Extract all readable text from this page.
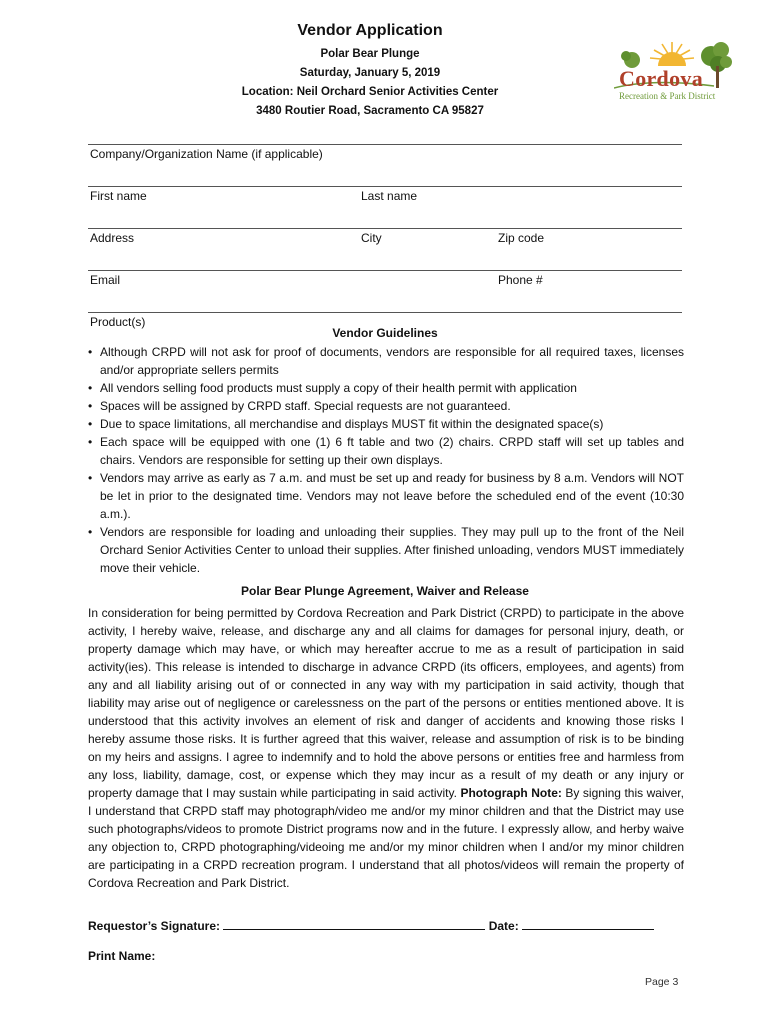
Vendor Application
Polar Bear Plunge
Saturday, January 5, 2019
Location: Neil Orchard Senior Activities Center
3480 Routier Road, Sacramento CA 95827
Cordova
Recreation & Park District
Company/Organization Name (if applicable)
First name	Last name
Address	City	Zip code
Email	Phone #
Product(s)
Vendor Guidelines
• Although CRPD will not ask for proof of documents, vendors are responsible for all required taxes, licenses and/or appropriate sellers permits
• All vendors selling food products must supply a copy of their health permit with application
• Spaces will be assigned by CRPD staff. Special requests are not guaranteed.
• Due to space limitations, all merchandise and displays MUST fit within the designated space(s)
• Each space will be equipped with one (1) 6 ft table and two (2) chairs. CRPD staff will set up tables and chairs. Vendors are responsible for setting up their own displays.
• Vendors may arrive as early as 7 a.m. and must be set up and ready for business by 8 a.m. Vendors will NOT be let in prior to the designated time. Vendors may not leave before the scheduled end of the event (10:30 a.m.).
• Vendors are responsible for loading and unloading their supplies. They may pull up to the front of the Neil Orchard Senior Activities Center to unload their supplies. After finished unloading, vendors MUST immediately move their vehicle.
Polar Bear Plunge Agreement, Waiver and Release

In consideration for being permitted by Cordova Recreation and Park District (CRPD) to participate in the above activity, I hereby waive, release, and discharge any and all claims for damages for personal injury, death, or property damage which may have, or which may hereafter accrue to me as a result of participation in said activity(ies). This release is intended to discharge in advance CRPD (its officers, employees, and agents) from any and all liability arising out of or connected in any way with my participation in said activity, though that liability may arise out of negligence or carelessness on the part of the persons or entities mentioned above. It is understood that this activity involves an element of risk and danger of accidents and knowing those risks I hereby assume those risks. It is further agreed that this waiver, release and assumption of risk is to be binding on my heirs and assigns. I agree to indemnify and to hold the above persons or entities free and harmless from any loss, liability, damage, cost, or expense which they may incur as a result of my death or any injury or property damage that I may sustain while participating in said activity. Photograph Note: By signing this waiver, I understand that CRPD staff may photograph/video me and/or my minor children and that the District may use such photographs/videos to promote District programs now and in the future. I expressly allow, and herby waive any objection to, CRPD photographing/videoing me and/or my minor children when I and/or my minor children are participating in a CRPD recreation program. I understand that all photos/videos will remain the property of Cordova Recreation and Park District.

Requestor’s Signature:	Date:
Print Name:
Page 3
